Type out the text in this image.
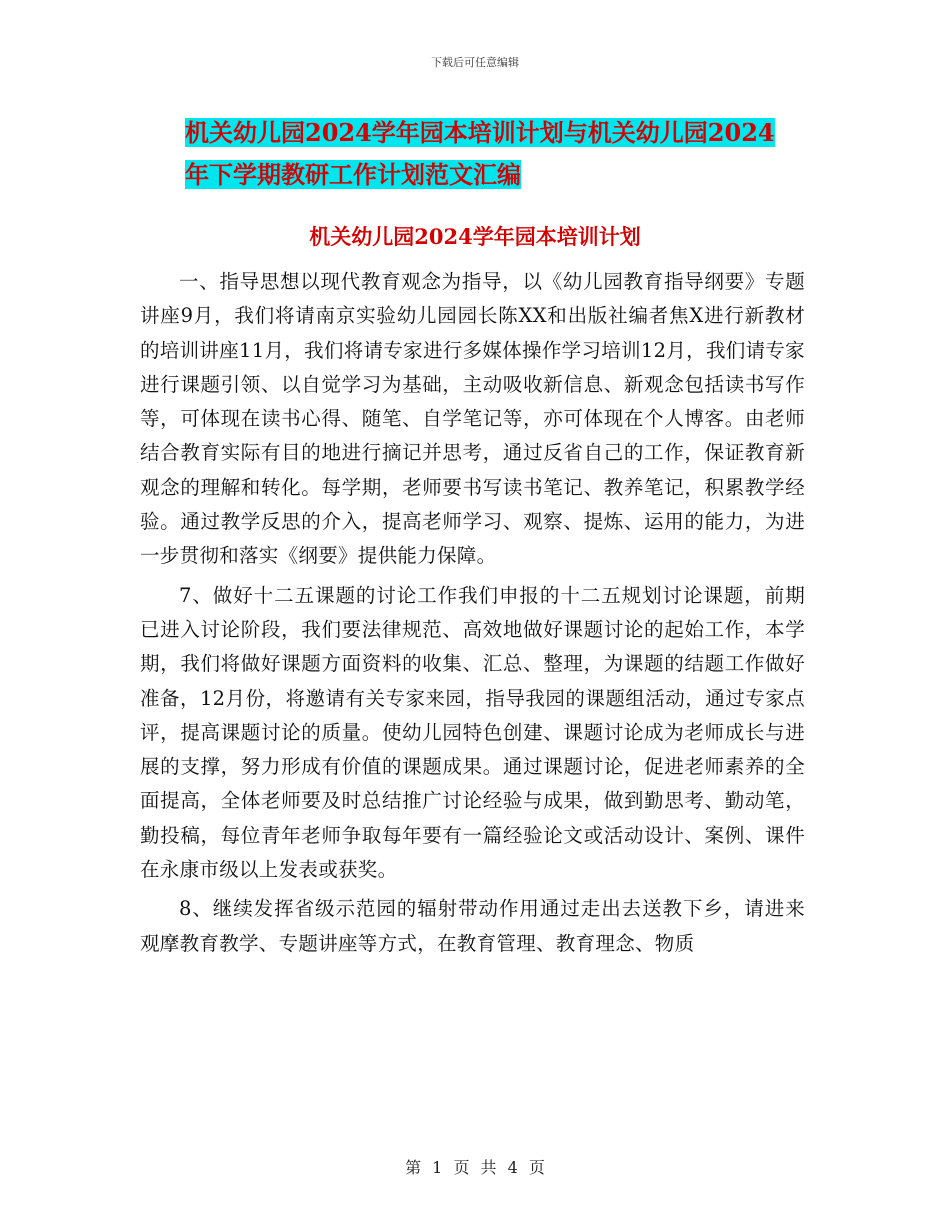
下载后可任意编辑
机关幼儿园2024学年园本培训计划与机关幼儿园2024
年下学期教研工作计划范文汇编
机关幼儿园2024学年园本培训计划

一、指导思想以现代教育观念为指导，以《幼儿园教育指导纲要》专题讲座9月，我们将请南京实验幼儿园园长陈XX和出版社编者焦X进行新教材的培训讲座11月，我们将请专家进行多媒体操作学习培训12月，我们请专家进行课题引领、以自觉学习为基础，主动吸收新信息、新观念包括读书写作等，可体现在读书心得、随笔、自学笔记等，亦可体现在个人博客。由老师结合教育实际有目的地进行摘记并思考，通过反省自己的工作，保证教育新观念的理解和转化。每学期，老师要书写读书笔记、教养笔记，积累教学经验。通过教学反思的介入，提高老师学习、观察、提炼、运用的能力，为进一步贯彻和落实《纲要》提供能力保障。

7、做好十二五课题的讨论工作我们申报的十二五规划讨论课题，前期已进入讨论阶段，我们要法律规范、高效地做好课题讨论的起始工作，本学期，我们将做好课题方面资料的收集、汇总、整理，为课题的结题工作做好准备，12月份，将邀请有关专家来园，指导我园的课题组活动，通过专家点评，提高课题讨论的质量。使幼儿园特色创建、课题讨论成为老师成长与进展的支撑，努力形成有价值的课题成果。通过课题讨论，促进老师素养的全面提高，全体老师要及时总结推广讨论经验与成果，做到勤思考、勤动笔，勤投稿，每位青年老师争取每年要有一篇经验论文或活动设计、案例、课件在永康市级以上发表或获奖。

8、继续发挥省级示范园的辐射带动作用通过走出去送教下乡，请进来观摩教育教学、专题讲座等方式，在教育管理、教育理念、物质

第 1 页 共 4 页
